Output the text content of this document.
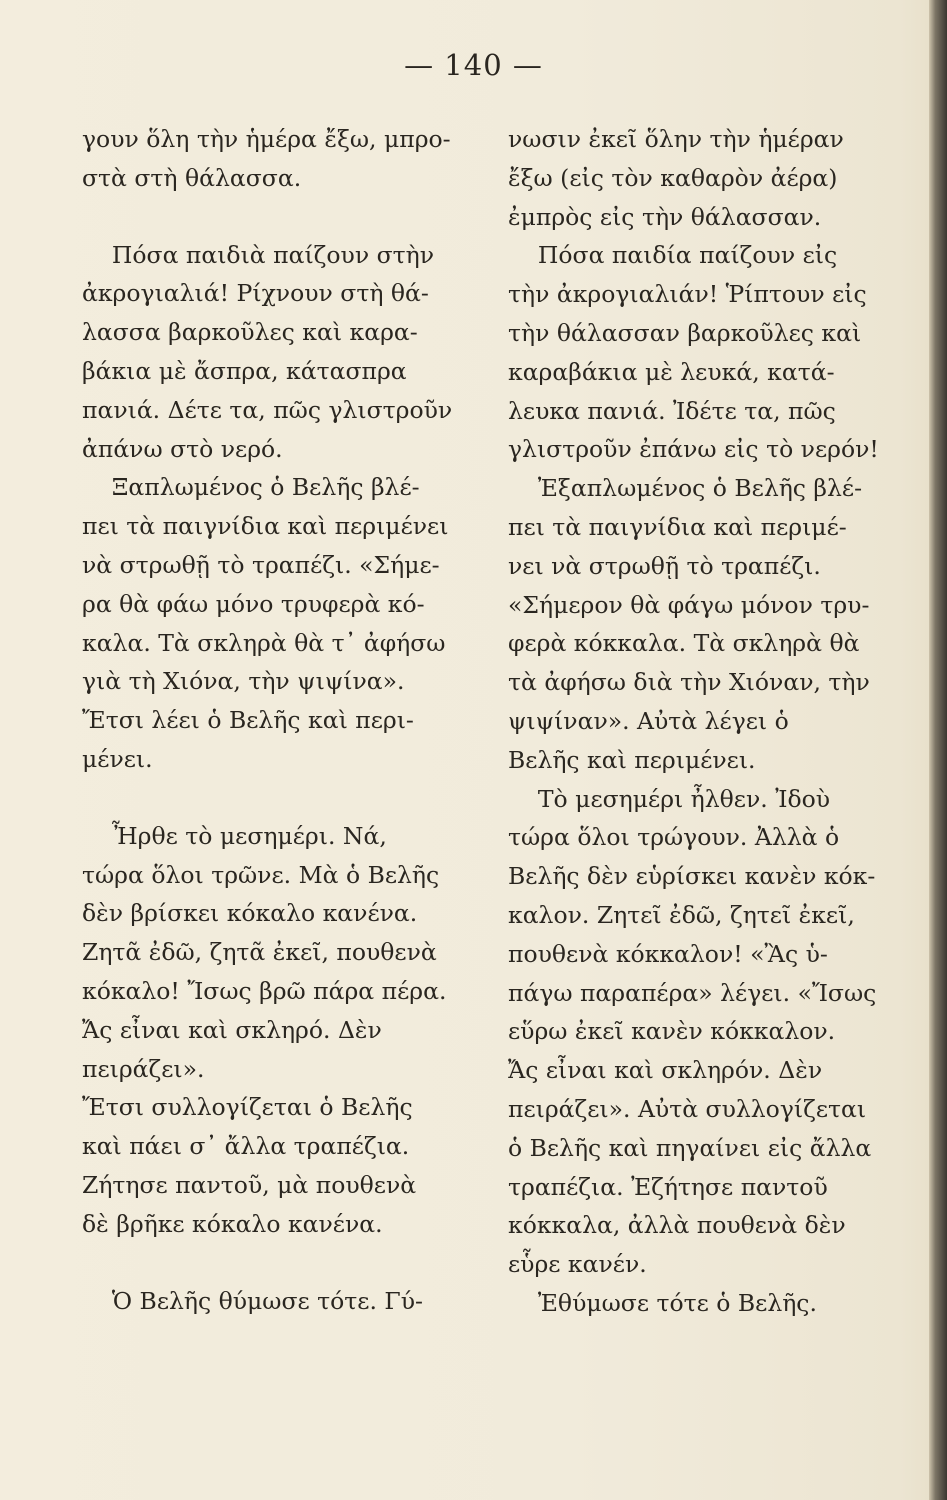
— 140 —

γουν ὅλη τὴν ἡμέρα ἔξω, μπρο-
στὰ στὴ θάλασσα.

Πόσα παιδιὰ παίζουν στὴν
ἀκρογιαλιά! Ρίχνουν στὴ θά-
λασσα βαρκοῦλες καὶ καρα-
βάκια μὲ ἄσπρα, κάτασπρα
πανιά. Δέτε τα, πῶς γλιστροῦν
ἀπάνω στὸ νερό.

Ξαπλωμένος ὁ Βελῆς βλέ-
πει τὰ παιγνίδια καὶ περιμένει
νὰ στρωθῇ τὸ τραπέζι. «Σήμε-
ρα θὰ φάω μόνο τρυφερὰ κό-
καλα. Τὰ σκληρὰ θὰ τ᾽ ἀφήσω
γιὰ τὴ Χιόνα, τὴν ψιψίνα».
Ἔτσι λέει ὁ Βελῆς καὶ περι-
μένει.

Ἦρθε τὸ μεσημέρι. Νά,
τώρα ὅλοι τρῶνε. Μὰ ὁ Βελῆς
δὲν βρίσκει κόκαλο κανένα.
Ζητᾶ ἐδῶ, ζητᾶ ἐκεῖ, πουθενὰ
κόκαλο! Ἴσως βρῶ πάρα πέρα.
Ἄς εἶναι καὶ σκληρό. Δὲν
πειράζει».
Ἔτσι συλλογίζεται ὁ Βελῆς
καὶ πάει σ᾽ ἄλλα τραπέζια.
Ζήτησε παντοῦ, μὰ πουθενὰ
δὲ βρῆκε κόκαλο κανένα.

Ὁ Βελῆς θύμωσε τότε. Γύ-

νωσιν ἐκεῖ ὅλην τὴν ἡμέραν
ἔξω (εἰς τὸν καθαρὸν ἀέρα)
ἐμπρὸς εἰς τὴν θάλασσαν.
Πόσα παιδία παίζουν εἰς
τὴν ἀκρογιαλιάν! Ῥίπτουν εἰς
τὴν θάλασσαν βαρκοῦλες καὶ
καραβάκια μὲ λευκά, κατά-
λευκα πανιά. Ἰδέτε τα, πῶς
γλιστροῦν ἐπάνω εἰς τὸ νερόν!
Ἐξαπλωμένος ὁ Βελῆς βλέ-
πει τὰ παιγνίδια καὶ περιμέ-
νει νὰ στρωθῇ τὸ τραπέζι.
«Σήμερον θὰ φάγω μόνον τρυ-
φερὰ κόκκαλα. Τὰ σκληρὰ θὰ
τὰ ἀφήσω διὰ τὴν Χιόναν, τὴν
ψιψίναν». Αὐτὰ λέγει ὁ
Βελῆς καὶ περιμένει.
Τὸ μεσημέρι ἦλθεν. Ἰδοὺ
τώρα ὅλοι τρώγουν. Ἀλλὰ ὁ
Βελῆς δὲν εὑρίσκει κανὲν κόκ-
καλον. Ζητεῖ ἐδῶ, ζητεῖ ἐκεῖ,
πουθενὰ κόκκαλον! «Ἂς ὑ-
πάγω παραπέρα» λέγει. «Ἴσως
εὕρω ἐκεῖ κανὲν κόκκαλον.
Ἄς εἶναι καὶ σκληρόν. Δὲν
πειράζει». Αὐτὰ συλλογίζεται
ὁ Βελῆς καὶ πηγαίνει εἰς ἄλλα
τραπέζια. Ἐζήτησε παντοῦ
κόκκαλα, ἀλλὰ πουθενὰ δὲν
εὗρε κανέν.
Ἐθύμωσε τότε ὁ Βελῆς.
